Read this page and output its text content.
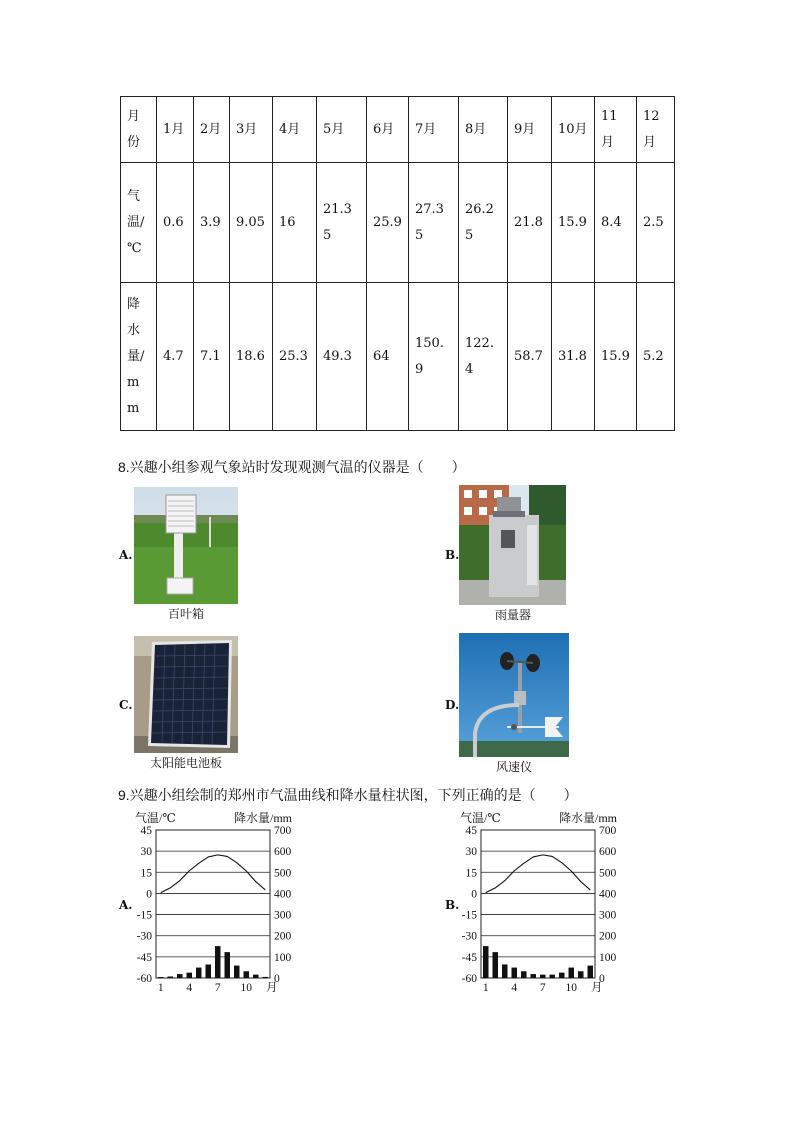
月份	1月	2月	3月	4月	5月	6月	7月	8月	9月	10月	11月	12月
气温/℃	0.6	3.9	9.05	16	21.35	25.9	27.35	26.25	21.8	15.9	8.4	2.5
降水量/mm	4.7	7.1	18.6	25.3	49.3	64	150.9	122.4	58.7	31.8	15.9	5.2
8.兴趣小组参观气象站时发现观测气温的仪器是（　　）
A.
百叶箱
B.
雨量器
C.
太阳能电池板
D.
风速仪
9.兴趣小组绘制的郑州市气温曲线和降水量柱状图，下列正确的是（　　）
A.	B.
气温/℃	降水量/mm
45	700
30	600
15	500
0	400
-15	300
-30	200
-45	100
-60	0
1 4 7 10 月
气温/℃	降水量/mm
45	700
30	600
15	500
0	400
-15	300
-30	200
-45	100
-60	0
1 4 7 10 月
